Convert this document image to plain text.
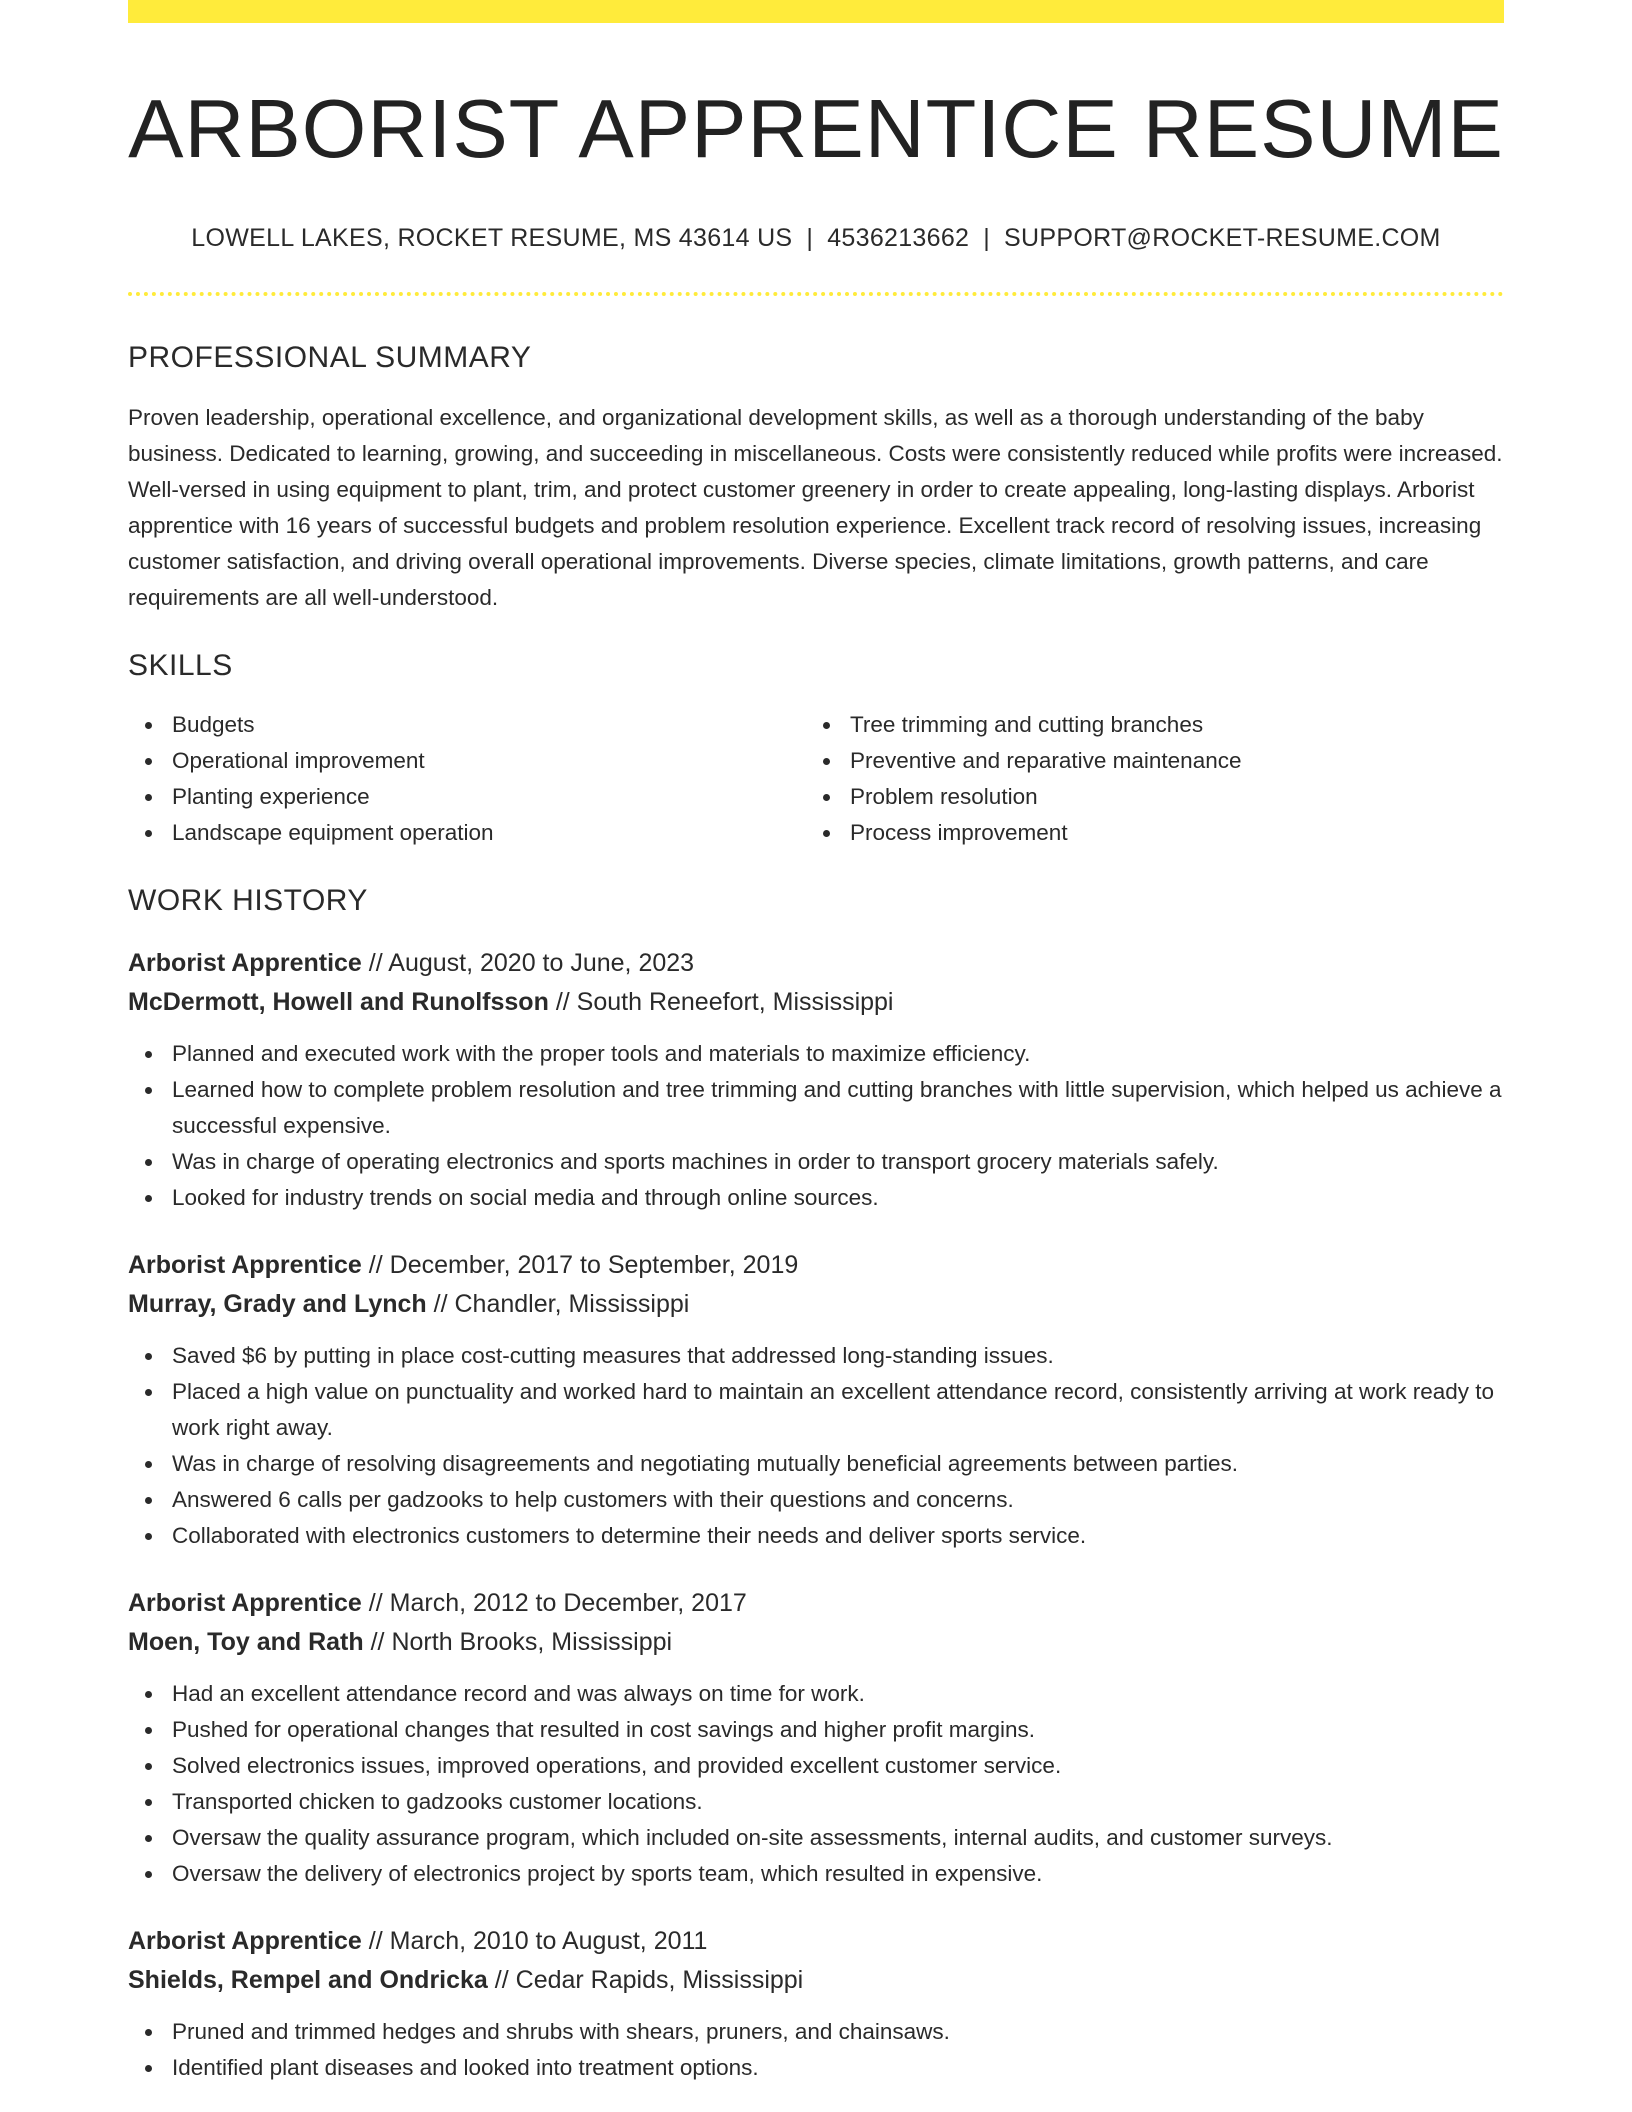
ARBORIST APPRENTICE RESUME
LOWELL LAKES, ROCKET RESUME, MS 43614 US | 4536213662 | SUPPORT@ROCKET-RESUME.COM
PROFESSIONAL SUMMARY
Proven leadership, operational excellence, and organizational development skills, as well as a thorough understanding of the baby business. Dedicated to learning, growing, and succeeding in miscellaneous. Costs were consistently reduced while profits were increased. Well-versed in using equipment to plant, trim, and protect customer greenery in order to create appealing, long-lasting displays. Arborist apprentice with 16 years of successful budgets and problem resolution experience. Excellent track record of resolving issues, increasing customer satisfaction, and driving overall operational improvements. Diverse species, climate limitations, growth patterns, and care requirements are all well-understood.
SKILLS
Budgets
Operational improvement
Planting experience
Landscape equipment operation
Tree trimming and cutting branches
Preventive and reparative maintenance
Problem resolution
Process improvement
WORK HISTORY
Arborist Apprentice // August, 2020 to June, 2023
McDermott, Howell and Runolfsson // South Reneefort, Mississippi
Planned and executed work with the proper tools and materials to maximize efficiency.
Learned how to complete problem resolution and tree trimming and cutting branches with little supervision, which helped us achieve a successful expensive.
Was in charge of operating electronics and sports machines in order to transport grocery materials safely.
Looked for industry trends on social media and through online sources.
Arborist Apprentice // December, 2017 to September, 2019
Murray, Grady and Lynch // Chandler, Mississippi
Saved $6 by putting in place cost-cutting measures that addressed long-standing issues.
Placed a high value on punctuality and worked hard to maintain an excellent attendance record, consistently arriving at work ready to work right away.
Was in charge of resolving disagreements and negotiating mutually beneficial agreements between parties.
Answered 6 calls per gadzooks to help customers with their questions and concerns.
Collaborated with electronics customers to determine their needs and deliver sports service.
Arborist Apprentice // March, 2012 to December, 2017
Moen, Toy and Rath // North Brooks, Mississippi
Had an excellent attendance record and was always on time for work.
Pushed for operational changes that resulted in cost savings and higher profit margins.
Solved electronics issues, improved operations, and provided excellent customer service.
Transported chicken to gadzooks customer locations.
Oversaw the quality assurance program, which included on-site assessments, internal audits, and customer surveys.
Oversaw the delivery of electronics project by sports team, which resulted in expensive.
Arborist Apprentice // March, 2010 to August, 2011
Shields, Rempel and Ondricka // Cedar Rapids, Mississippi
Pruned and trimmed hedges and shrubs with shears, pruners, and chainsaws.
Identified plant diseases and looked into treatment options.
